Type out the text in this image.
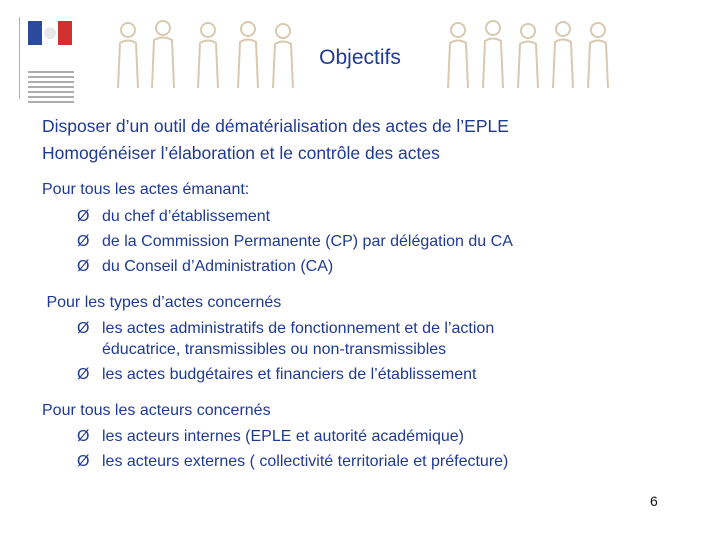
Objectifs
Disposer d’un outil de dématérialisation des actes de l’EPLE
Homogénéiser l’élaboration et le contrôle des actes
Pour tous les actes émanant:
Ø du chef d’établissement
Ø de la Commission Permanente (CP) par délégation du CA
Ø du Conseil d’Administration (CA)
Pour les types d’actes concernés
Ø les actes administratifs de fonctionnement et de l’action
éducatrice, transmissibles ou non-transmissibles
Ø les actes budgétaires et financiers de l’établissement
Pour tous les acteurs concernés
Ø les acteurs internes (EPLE et autorité académique)
Ø les acteurs externes ( collectivité territoriale et préfecture)
6
